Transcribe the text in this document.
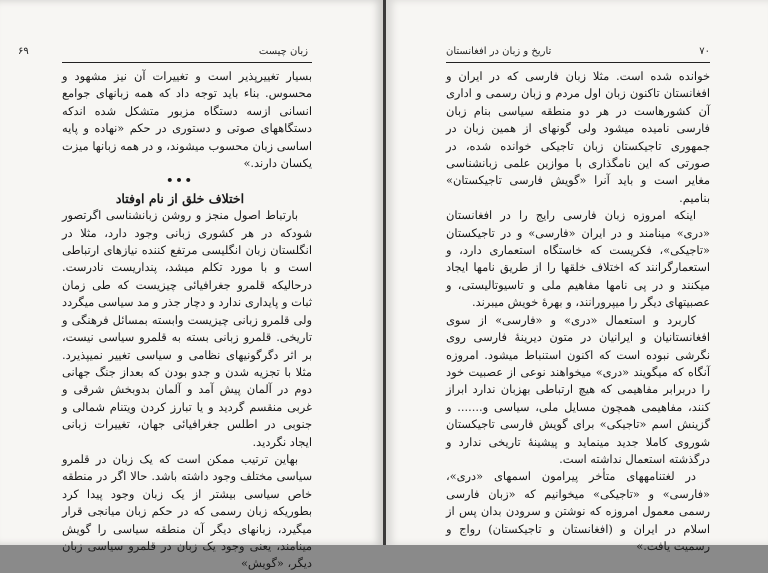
۶۹	زبان چیست

بسیار تغییرپذیر است و تغییرات آن نیز مشهود و محسوس. بناء باید توجه داد که همه زبانهای جوامع انسانی ازسه دستگاه مزبور متشکل شده اندکه دستگاههای صوتی و دستوری در حکم «نهاده و پایه اساسی زبان محسوب میشوند، و در همه زبانها میزت یکسان دارند.»

•••

اختلاف خلق از نام اوفتاد

بارتباط اصول منجز و روشن زبانشناسی اگرتصور شودکه در هر کشوری زبانی وجود دارد، مثلا در انگلستان زبان انگلیسی مرتفع کننده نیازهای ارتباطی است و با مورد تکلم میشد، پنداریست نادرست. درحالیکه قلمرو جغرافیائی چیزیست که طی زمان ثبات و پایداری ندارد و دچار جذر و مد سیاسی میگردد ولی قلمرو زبانی چیزیست وابسته بمسائل فرهنگی و تاریخی. قلمرو زبانی بسته به قلمرو سیاسی نیست، بر اثر دگرگونیهای نظامی و سیاسی تغییر نمیپذیرد. مثلا با تجزیه شدن و جدو بودن که بعداز جنگ جهانی دوم در آلمان پیش آمد و آلمان بدوبخش شرقی و غربی منقسم گردید و یا تبارز کردن ویتنام شمالی و جنوبی در اطلس جغرافیائی جهان، تغییرات زبانی ایجاد نگردید.

بهاین ترتیب ممکن است که یک زبان در قلمرو سیاسی مختلف وجود داشته باشد. حالا اگر در منطقه خاص سیاسی بیشتر از یک زبان وجود پیدا کرد بطوریکه زبان رسمی که در حکم زبان میانجی قرار میگیرد، زبانهای دیگر آن منطقه سیاسی را گویش مینامند، یعنی وجود یک زبان در قلمرو سیاسی زبان دیگر، «گویش»

تاریخ و زبان در افغانستان	۷۰

خوانده شده است. مثلا زبان فارسی که در ایران و افغانستان تاکنون زبان اول مردم و زبان رسمی و اداری آن کشورهاست در هر دو منطقه سیاسی بنام زبان فارسی نامیده میشود ولی گونهای از همین زبان در جمهوری تاجیکستان زبان تاجیکی خوانده شده، در صورتی که این نامگذاری با موازین علمی زبانشناسی مغایر است و باید آنرا «گویش فارسی تاجیکستان» بنامیم.

اینکه امروزه زبان فارسی رایج را در افغانستان «دری» مینامند و در ایران «فارسی» و در تاجیکستان «تاجیکی»، فکریست که خاستگاه استعماری دارد، و استعمارگرانند که اختلاف خلقها را از طریق نامها ایجاد میکنند و در پی نامها مفاهیم ملی و تاسیوتالیستی، و عصبیتهای دیگر را میپرورانند، و بهرهٔ خویش میبرند.

کاربرد و استعمال «دری» و «فارسی» از سوی افغانستانیان و ایرانیان در متون دیرینهٔ فارسی روی نگرشی نبوده است که اکنون استنباط میشود. امروزه آنگاه که میگویند «دری» میخواهند نوعی از عصبیت خود را دربرابر مفاهیمی که هیچ ارتباطی بهزبان ندارد ابراز کنند، مفاهیمی همچون مسایل ملی، سیاسی و....... و گزینش اسم «تاجیکی» برای گویش فارسی تاجیکستان شوروی کاملا جدید مینماید و پیشینهٔ تاریخی ندارد و درگذشته استعمال نداشته است.

در لغتنامههای متأخر پیرامون اسمهای «دری»، «فارسی» و «تاجیکی» میخوانیم که «زبان فارسی رسمی معمول امروزه که نوشتن و سرودن بدان پس از اسلام در ایران و (افغانستان و تاجیکستان) رواج و رسمیت یافت.»
